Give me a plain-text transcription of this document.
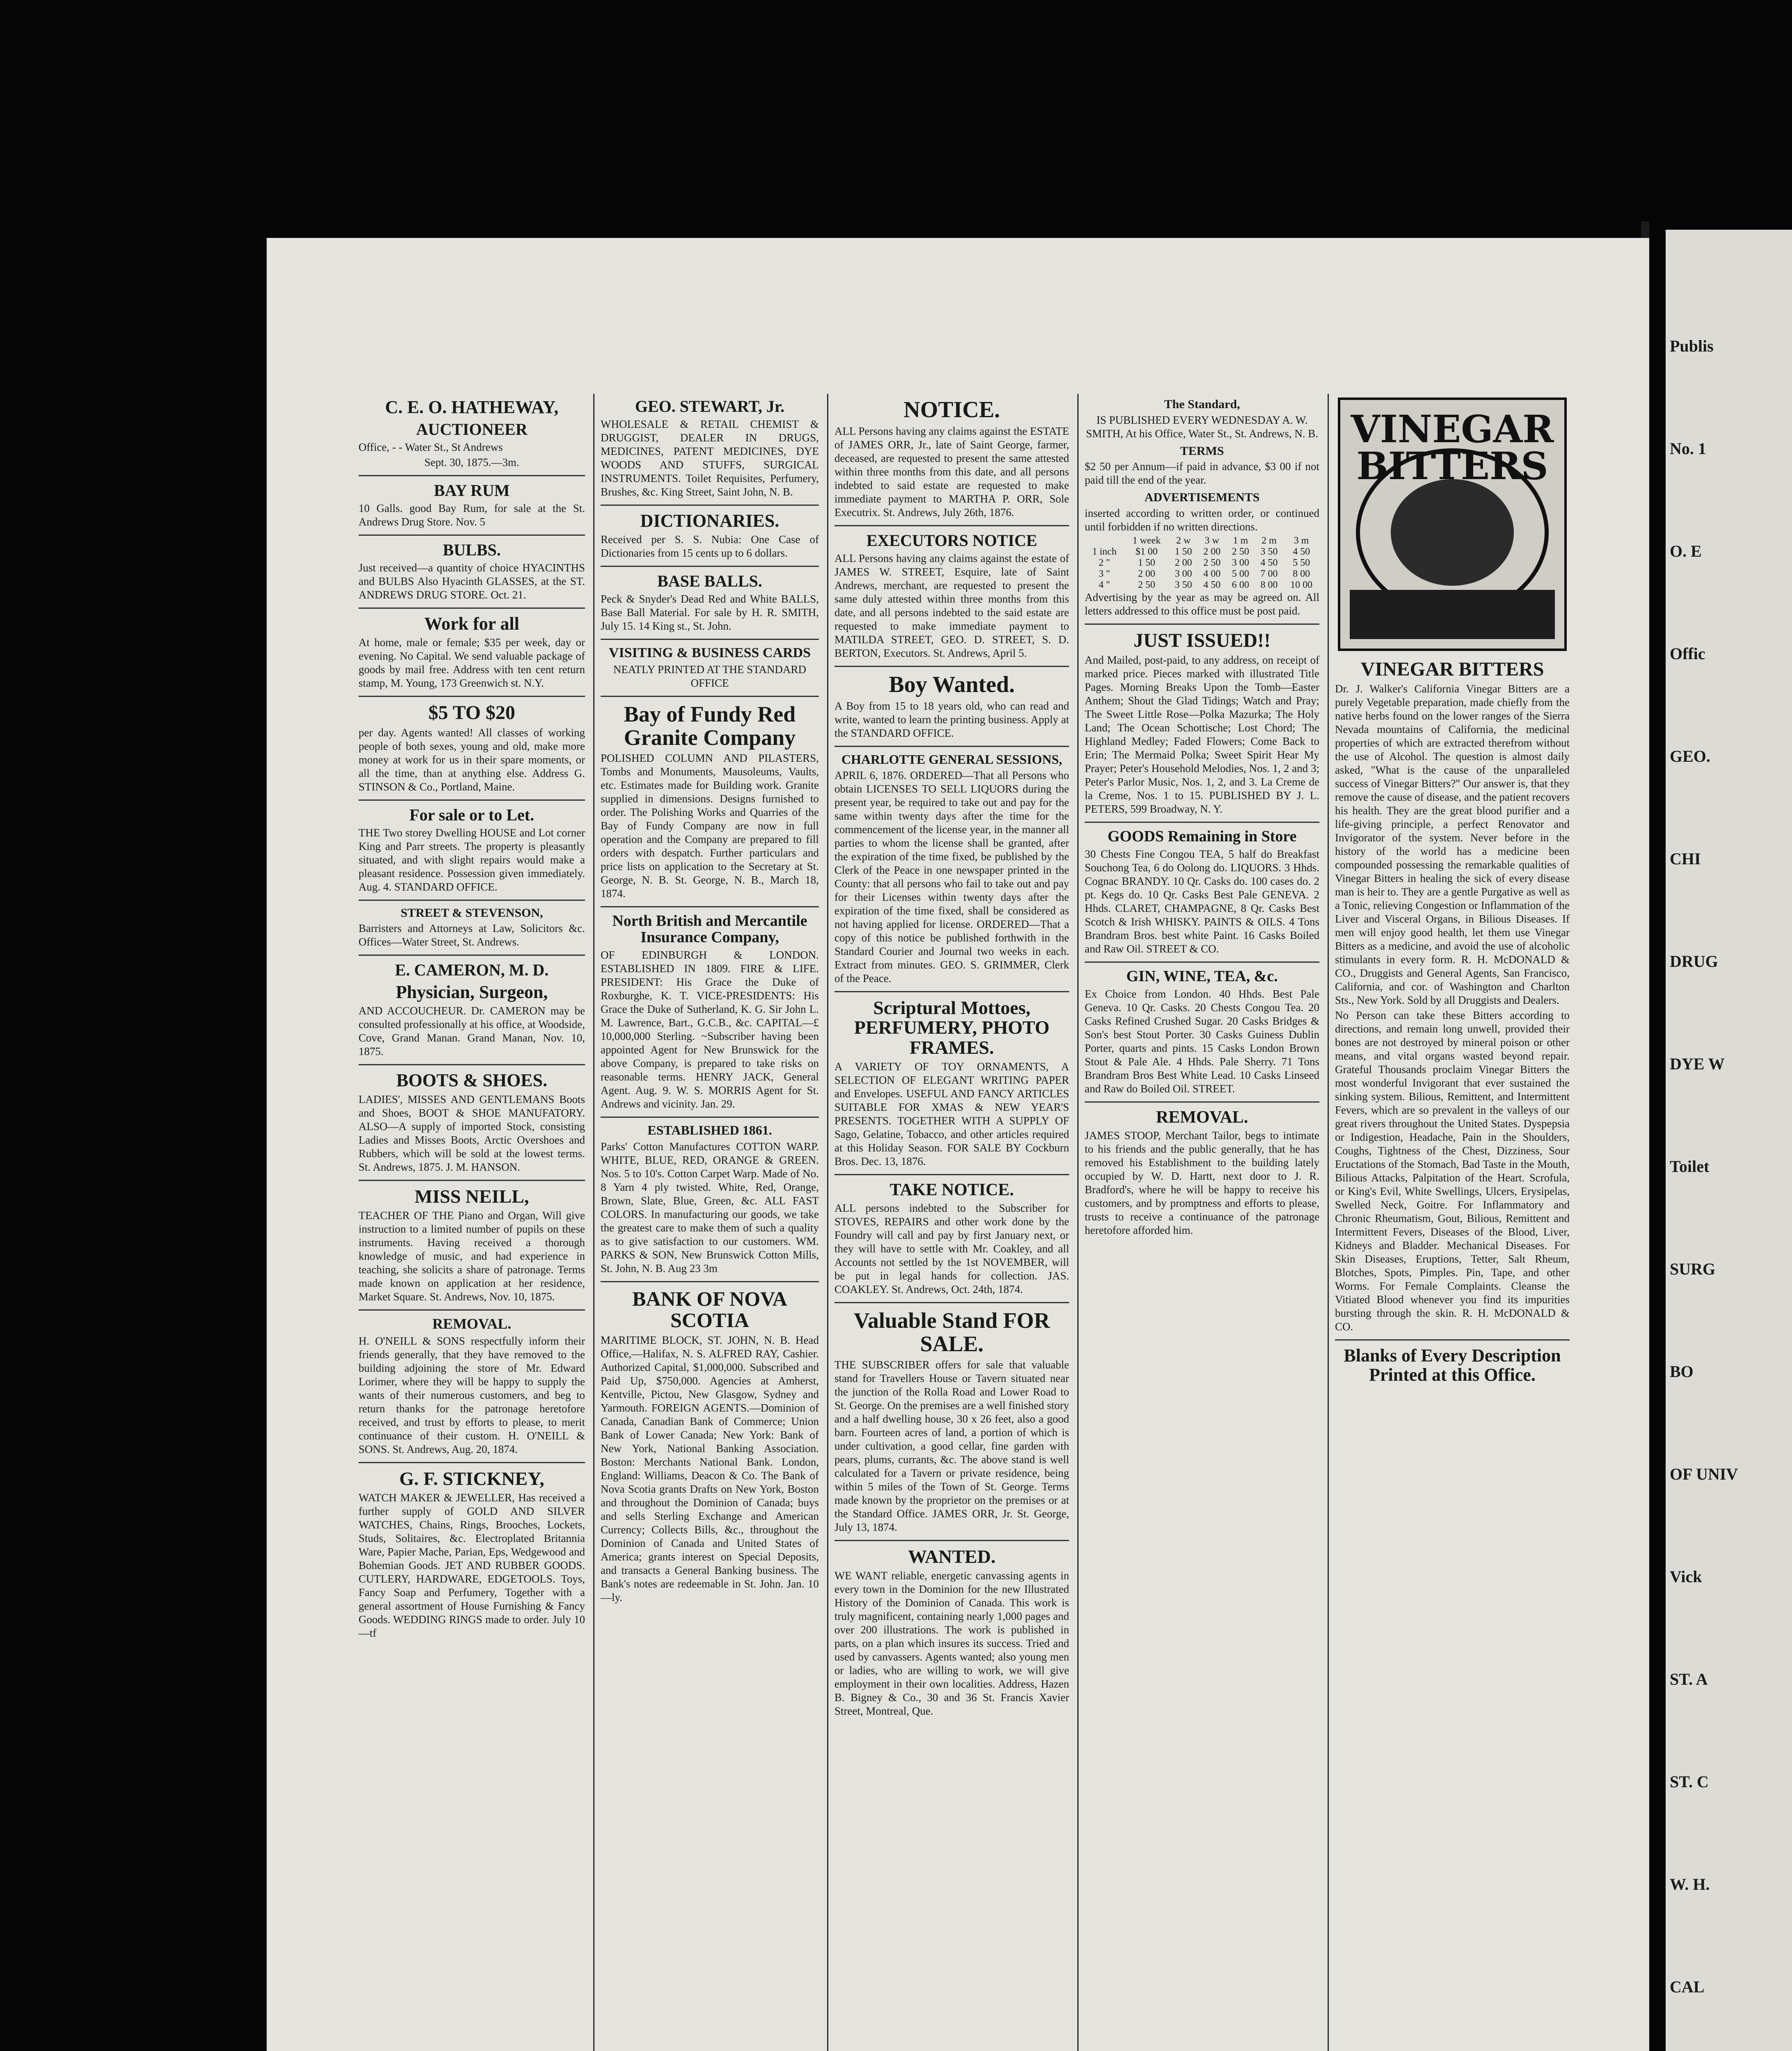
Publis
No. 1
O. E
Offic
GEO.
CHI
DRUG
DYE W
Toilet
SURG
BO
OF UNIV
Vick
ST. A
ST. C
W. H.
CAL
C. E. O. HATHEWAY,
AUCTIONEER
Office, - - Water St., St Andrews
Sept. 30, 1875.—3m.
BAY RUM
10 Galls. good Bay Rum, for sale at the St. Andrews Drug Store. Nov. 5
BULBS.
Just received—a quantity of choice HYACINTHS and BULBS Also Hyacinth GLASSES, at the ST. ANDREWS DRUG STORE. Oct. 21.
Work for all
At home, male or female; $35 per week, day or evening. No Capital. We send valuable package of goods by mail free. Address with ten cent return stamp, M. Young, 173 Greenwich st. N.Y.
$5 TO $20
per day. Agents wanted! All classes of working people of both sexes, young and old, make more money at work for us in their spare moments, or all the time, than at anything else. Address G. STINSON & Co., Portland, Maine.
For sale or to Let.
THE Two storey Dwelling HOUSE and Lot corner King and Parr streets. The property is pleasantly situated, and with slight repairs would make a pleasant residence. Possession given immediately. Aug. 4. STANDARD OFFICE.
STREET & STEVENSON,
Barristers and Attorneys at Law, Solicitors &c. Offices—Water Street, St. Andrews.
E. CAMERON, M. D.
Physician, Surgeon,
AND ACCOUCHEUR. Dr. CAMERON may be consulted professionally at his office, at Woodside, Cove, Grand Manan. Grand Manan, Nov. 10, 1875.
BOOTS & SHOES.
LADIES', MISSES AND GENTLEMANS Boots and Shoes, BOOT & SHOE MANUFATORY. ALSO—A supply of imported Stock, consisting Ladies and Misses Boots, Arctic Overshoes and Rubbers, which will be sold at the lowest terms. St. Andrews, 1875. J. M. HANSON.
MISS NEILL,
TEACHER OF THE Piano and Organ, Will give instruction to a limited number of pupils on these instruments. Having received a thorough knowledge of music, and had experience in teaching, she solicits a share of patronage. Terms made known on application at her residence, Market Square. St. Andrews, Nov. 10, 1875.
REMOVAL.
H. O'NEILL & SONS respectfully inform their friends generally, that they have removed to the building adjoining the store of Mr. Edward Lorimer, where they will be happy to supply the wants of their numerous customers, and beg to return thanks for the patronage heretofore received, and trust by efforts to please, to merit continuance of their custom. H. O'NEILL & SONS. St. Andrews, Aug. 20, 1874.
G. F. STICKNEY,
WATCH MAKER & JEWELLER, Has received a further supply of GOLD AND SILVER WATCHES, Chains, Rings, Brooches, Lockets, Studs, Solitaires, &c. Electroplated Britannia Ware, Papier Mache, Parian, Eps, Wedgewood and Bohemian Goods. JET AND RUBBER GOODS. CUTLERY, HARDWARE, EDGETOOLS. Toys, Fancy Soap and Perfumery, Together with a general assortment of House Furnishing & Fancy Goods. WEDDING RINGS made to order. July 10—tf
GEO. STEWART, Jr.
WHOLESALE & RETAIL CHEMIST & DRUGGIST, DEALER IN DRUGS, MEDICINES, PATENT MEDICINES, DYE WOODS AND STUFFS, SURGICAL INSTRUMENTS. Toilet Requisites, Perfumery, Brushes, &c. King Street, Saint John, N. B.
DICTIONARIES.
Received per S. S. Nubia: One Case of Dictionaries from 15 cents up to 6 dollars.
BASE BALLS.
Peck & Snyder's Dead Red and White BALLS, Base Ball Material. For sale by H. R. SMITH, July 15. 14 King st., St. John.
VISITING & BUSINESS CARDS
NEATLY PRINTED AT THE STANDARD OFFICE
Bay of Fundy Red Granite Company
POLISHED COLUMN AND PILASTERS, Tombs and Monuments, Mausoleums, Vaults, etc. Estimates made for Building work. Granite supplied in dimensions. Designs furnished to order. The Polishing Works and Quarries of the Bay of Fundy Company are now in full operation and the Company are prepared to fill orders with despatch. Further particulars and price lists on application to the Secretary at St. George, N. B. St. George, N. B., March 18, 1874.
North British and Mercantile Insurance Company,
OF EDINBURGH & LONDON. ESTABLISHED IN 1809. FIRE & LIFE. PRESIDENT: His Grace the Duke of Roxburghe, K. T. VICE-PRESIDENTS: His Grace the Duke of Sutherland, K. G. Sir John L. M. Lawrence, Bart., G.C.B., &c. CAPITAL—£ 10,000,000 Sterling. ~Subscriber having been appointed Agent for New Brunswick for the above Company, is prepared to take risks on reasonable terms. HENRY JACK, General Agent. Aug. 9. W. S. MORRIS Agent for St. Andrews and vicinity. Jan. 29.
ESTABLISHED 1861.
Parks' Cotton Manufactures COTTON WARP. WHITE, BLUE, RED, ORANGE & GREEN. Nos. 5 to 10's. Cotton Carpet Warp. Made of No. 8 Yarn 4 ply twisted. White, Red, Orange, Brown, Slate, Blue, Green, &c. ALL FAST COLORS. In manufacturing our goods, we take the greatest care to make them of such a quality as to give satisfaction to our customers. WM. PARKS & SON, New Brunswick Cotton Mills, St. John, N. B. Aug 23 3m
BANK OF NOVA SCOTIA
MARITIME BLOCK, ST. JOHN, N. B. Head Office,—Halifax, N. S. ALFRED RAY, Cashier. Authorized Capital, $1,000,000. Subscribed and Paid Up, $750,000. Agencies at Amherst, Kentville, Pictou, New Glasgow, Sydney and Yarmouth. FOREIGN AGENTS.—Dominion of Canada, Canadian Bank of Commerce; Union Bank of Lower Canada; New York: Bank of New York, National Banking Association. Boston: Merchants National Bank. London, England: Williams, Deacon & Co. The Bank of Nova Scotia grants Drafts on New York, Boston and throughout the Dominion of Canada; buys and sells Sterling Exchange and American Currency; Collects Bills, &c., throughout the Dominion of Canada and United States of America; grants interest on Special Deposits, and transacts a General Banking business. The Bank's notes are redeemable in St. John. Jan. 10—ly.
NOTICE.
ALL Persons having any claims against the ESTATE of JAMES ORR, Jr., late of Saint George, farmer, deceased, are requested to present the same attested within three months from this date, and all persons indebted to said estate are requested to make immediate payment to MARTHA P. ORR, Sole Executrix. St. Andrews, July 26th, 1876.
EXECUTORS NOTICE
ALL Persons having any claims against the estate of JAMES W. STREET, Esquire, late of Saint Andrews, merchant, are requested to present the same duly attested within three months from this date, and all persons indebted to the said estate are requested to make immediate payment to MATILDA STREET, GEO. D. STREET, S. D. BERTON, Executors. St. Andrews, April 5.
Boy Wanted.
A Boy from 15 to 18 years old, who can read and write, wanted to learn the printing business. Apply at the STANDARD OFFICE.
CHARLOTTE GENERAL SESSIONS,
APRIL 6, 1876. ORDERED—That all Persons who obtain LICENSES TO SELL LIQUORS during the present year, be required to take out and pay for the same within twenty days after the time for the commencement of the license year, in the manner all parties to whom the license shall be granted, after the expiration of the time fixed, be published by the Clerk of the Peace in one newspaper printed in the County: that all persons who fail to take out and pay for their Licenses within twenty days after the expiration of the time fixed, shall be considered as not having applied for license. ORDERED—That a copy of this notice be published forthwith in the Standard Courier and Journal two weeks in each. Extract from minutes. GEO. S. GRIMMER, Clerk of the Peace.
Scriptural Mottoes, PERFUMERY, PHOTO FRAMES.
A VARIETY OF TOY ORNAMENTS, A SELECTION OF ELEGANT WRITING PAPER and Envelopes. USEFUL AND FANCY ARTICLES SUITABLE FOR XMAS & NEW YEAR'S PRESENTS. TOGETHER WITH A SUPPLY OF Sago, Gelatine, Tobacco, and other articles required at this Holiday Season. FOR SALE BY Cockburn Bros. Dec. 13, 1876.
TAKE NOTICE.
ALL persons indebted to the Subscriber for STOVES, REPAIRS and other work done by the Foundry will call and pay by first January next, or they will have to settle with Mr. Coakley, and all Accounts not settled by the 1st NOVEMBER, will be put in legal hands for collection. JAS. COAKLEY. St. Andrews, Oct. 24th, 1874.
Valuable Stand FOR SALE.
THE SUBSCRIBER offers for sale that valuable stand for Travellers House or Tavern situated near the junction of the Rolla Road and Lower Road to St. George. On the premises are a well finished story and a half dwelling house, 30 x 26 feet, also a good barn. Fourteen acres of land, a portion of which is under cultivation, a good cellar, fine garden with pears, plums, currants, &c. The above stand is well calculated for a Tavern or private residence, being within 5 miles of the Town of St. George. Terms made known by the proprietor on the premises or at the Standard Office. JAMES ORR, Jr. St. George, July 13, 1874.
WANTED.
WE WANT reliable, energetic canvassing agents in every town in the Dominion for the new Illustrated History of the Dominion of Canada. This work is truly magnificent, containing nearly 1,000 pages and over 200 illustrations. The work is published in parts, on a plan which insures its success. Tried and used by canvassers. Agents wanted; also young men or ladies, who are willing to work, we will give employment in their own localities. Address, Hazen B. Bigney & Co., 30 and 36 St. Francis Xavier Street, Montreal, Que.
The Standard,
IS PUBLISHED EVERY WEDNESDAY A. W. SMITH, At his Office, Water St., St. Andrews, N. B.
TERMS
$2 50 per Annum—if paid in advance, $3 00 if not paid till the end of the year.
ADVERTISEMENTS
inserted according to written order, or continued until forbidden if no written directions.
	1 week	2 w	3 w	1 m	2 m	3 m
1 inch	$1 00	1 50	2 00	2 50	3 50	4 50
2 "	1 50	2 00	2 50	3 00	4 50	5 50
3 "	2 00	3 00	4 00	5 00	7 00	8 00
4 "	2 50	3 50	4 50	6 00	8 00	10 00
Advertising by the year as may be agreed on. All letters addressed to this office must be post paid.
JUST ISSUED!!
And Mailed, post-paid, to any address, on receipt of marked price. Pieces marked with illustrated Title Pages. Morning Breaks Upon the Tomb—Easter Anthem; Shout the Glad Tidings; Watch and Pray; The Sweet Little Rose—Polka Mazurka; The Holy Land; The Ocean Schottische; Lost Chord; The Highland Medley; Faded Flowers; Come Back to Erin; The Mermaid Polka; Sweet Spirit Hear My Prayer; Peter's Household Melodies, Nos. 1, 2 and 3; Peter's Parlor Music, Nos. 1, 2, and 3. La Creme de la Creme, Nos. 1 to 15. PUBLISHED BY J. L. PETERS, 599 Broadway, N. Y.
GOODS Remaining in Store
30 Chests Fine Congou TEA, 5 half do Breakfast Souchong Tea, 6 do Oolong do. LIQUORS. 3 Hhds. Cognac BRANDY. 10 Qr. Casks do. 100 cases do. 2 pt. Kegs do. 10 Qr. Casks Best Pale GENEVA. 2 Hhds. CLARET, CHAMPAGNE, 8 Qr. Casks Best Scotch & Irish WHISKY. PAINTS & OILS. 4 Tons Brandram Bros. best white Paint. 16 Casks Boiled and Raw Oil. STREET & CO.
GIN, WINE, TEA, &c.
Ex Choice from London. 40 Hhds. Best Pale Geneva. 10 Qr. Casks. 20 Chests Congou Tea. 20 Casks Refined Crushed Sugar. 20 Casks Bridges & Son's best Stout Porter. 30 Casks Guiness Dublin Porter, quarts and pints. 15 Casks London Brown Stout & Pale Ale. 4 Hhds. Pale Sherry. 71 Tons Brandram Bros Best White Lead. 10 Casks Linseed and Raw do Boiled Oil. STREET.
REMOVAL.
JAMES STOOP, Merchant Tailor, begs to intimate to his friends and the public generally, that he has removed his Establishment to the building lately occupied by W. D. Hartt, next door to J. R. Bradford's, where he will be happy to receive his customers, and by promptness and efforts to please, trusts to receive a continuance of the patronage heretofore afforded him.
VINEGAR
BITTERS
VINEGAR BITTERS
Dr. J. Walker's California Vinegar Bitters are a purely Vegetable preparation, made chiefly from the native herbs found on the lower ranges of the Sierra Nevada mountains of California, the medicinal properties of which are extracted therefrom without the use of Alcohol. The question is almost daily asked, "What is the cause of the unparalleled success of Vinegar Bitters?" Our answer is, that they remove the cause of disease, and the patient recovers his health. They are the great blood purifier and a life-giving principle, a perfect Renovator and Invigorator of the system. Never before in the history of the world has a medicine been compounded possessing the remarkable qualities of Vinegar Bitters in healing the sick of every disease man is heir to. They are a gentle Purgative as well as a Tonic, relieving Congestion or Inflammation of the Liver and Visceral Organs, in Bilious Diseases. If men will enjoy good health, let them use Vinegar Bitters as a medicine, and avoid the use of alcoholic stimulants in every form. R. H. McDONALD & CO., Druggists and General Agents, San Francisco, California, and cor. of Washington and Charlton Sts., New York. Sold by all Druggists and Dealers.
No Person can take these Bitters according to directions, and remain long unwell, provided their bones are not destroyed by mineral poison or other means, and vital organs wasted beyond repair. Grateful Thousands proclaim Vinegar Bitters the most wonderful Invigorant that ever sustained the sinking system. Bilious, Remittent, and Intermittent Fevers, which are so prevalent in the valleys of our great rivers throughout the United States. Dyspepsia or Indigestion, Headache, Pain in the Shoulders, Coughs, Tightness of the Chest, Dizziness, Sour Eructations of the Stomach, Bad Taste in the Mouth, Bilious Attacks, Palpitation of the Heart. Scrofula, or King's Evil, White Swellings, Ulcers, Erysipelas, Swelled Neck, Goitre. For Inflammatory and Chronic Rheumatism, Gout, Bilious, Remittent and Intermittent Fevers, Diseases of the Blood, Liver, Kidneys and Bladder. Mechanical Diseases. For Skin Diseases, Eruptions, Tetter, Salt Rheum, Blotches, Spots, Pimples. Pin, Tape, and other Worms. For Female Complaints. Cleanse the Vitiated Blood whenever you find its impurities bursting through the skin. R. H. McDONALD & CO.
Blanks of Every Description Printed at this Office.
